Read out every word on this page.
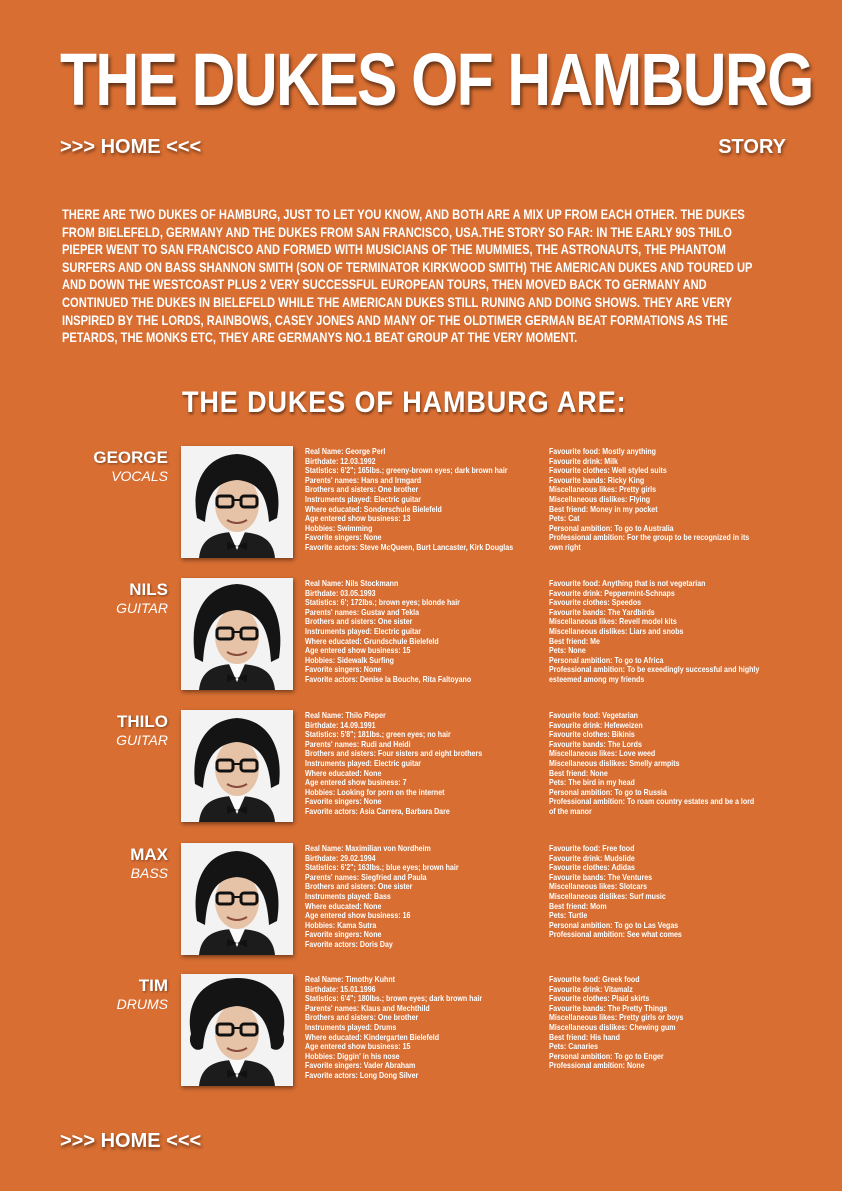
THE DUKES OF HAMBURG
>>> HOME <<<	STORY
THERE ARE TWO DUKES OF HAMBURG, JUST TO LET YOU KNOW, AND BOTH ARE A MIX UP FROM EACH OTHER. THE DUKES FROM BIELEFELD, GERMANY AND THE DUKES FROM SAN FRANCISCO, USA.THE STORY SO FAR: IN THE EARLY 90S THILO PIEPER WENT TO SAN FRANCISCO AND FORMED WITH MUSICIANS OF THE MUMMIES, THE ASTRONAUTS, THE PHANTOM SURFERS AND ON BASS SHANNON SMITH (SON OF TERMINATOR KIRKWOOD SMITH) THE AMERICAN DUKES AND TOURED UP AND DOWN THE WESTCOAST PLUS 2 VERY SUCCESSFUL EUROPEAN TOURS, THEN MOVED BACK TO GERMANY AND CONTINUED THE DUKES IN BIELEFELD WHILE THE AMERICAN DUKES STILL RUNING AND DOING SHOWS. THEY ARE VERY INSPIRED BY THE LORDS, RAINBOWS, CASEY JONES AND MANY OF THE OLDTIMER GERMAN BEAT FORMATIONS AS THE PETARDS, THE MONKS ETC, THEY ARE GERMANYS NO.1 BEAT GROUP AT THE VERY MOMENT.
THE DUKES OF HAMBURG ARE:
GEORGE
VOCALS
Real Name: George Perl
Birthdate: 12.03.1992
Statistics: 6'2"; 165lbs.; greeny-brown eyes; dark brown hair
Parents' names: Hans and Irmgard
Brothers and sisters: One brother
Instruments played: Electric guitar
Where educated: Sonderschule Bielefeld
Age entered show business: 13
Hobbies: Swimming
Favorite singers: None
Favorite actors: Steve McQueen, Burt Lancaster, Kirk Douglas
Favourite food: Mostly anything
Favourite drink: Milk
Favourite clothes: Well styled suits
Favourite bands: Ricky King
Miscellaneous likes: Pretty girls
Miscellaneous dislikes: Flying
Best friend: Money in my pocket
Pets: Cat
Personal ambition: To go to Australia
Professional ambition: For the group to be recognized in its own right
NILS
GUITAR
Real Name: Nils Stockmann
Birthdate: 03.05.1993
Statistics: 6'; 172lbs.; brown eyes; blonde hair
Parents' names: Gustav and Tekla
Brothers and sisters: One sister
Instruments played: Electric guitar
Where educated: Grundschule Bielefeld
Age entered show business: 15
Hobbies: Sidewalk Surfing
Favorite singers: None
Favorite actors: Denise la Bouche, Rita Faltoyano
Favourite food: Anything that is not vegetarian
Favourite drink: Peppermint-Schnaps
Favourite clothes: Speedos
Favourite bands: The Yardbirds
Miscellaneous likes: Revell model kits
Miscellaneous dislikes: Liars and snobs
Best friend: Me
Pets: None
Personal ambition: To go to Africa
Professional ambition: To be exeedingly successful and highly esteemed among my friends
THILO
GUITAR
Real Name: Thilo Pieper
Birthdate: 14.09.1991
Statistics: 5'8"; 181lbs.; green eyes; no hair
Parents' names: Rudi and Heidi
Brothers and sisters: Four sisters and eight brothers
Instruments played: Electric guitar
Where educated: None
Age entered show business: 7
Hobbies: Looking for porn on the internet
Favorite singers: None
Favorite actors: Asia Carrera, Barbara Dare
Favourite food: Vegetarian
Favourite drink: Hefeweizen
Favourite clothes: Bikinis
Favourite bands: The Lords
Miscellaneous likes: Love weed
Miscellaneous dislikes: Smelly armpits
Best friend: None
Pets: The bird in my head
Personal ambition: To go to Russia
Professional ambition: To roam country estates and be a lord of the manor
MAX
BASS
Real Name: Maximilian von Nordheim
Birthdate: 29.02.1994
Statistics: 6'2"; 163lbs.; blue eyes; brown hair
Parents' names: Siegfried and Paula
Brothers and sisters: One sister
Instruments played: Bass
Where educated: None
Age entered show business: 16
Hobbies: Kama Sutra
Favorite singers: None
Favorite actors: Doris Day
Favourite food: Free food
Favourite drink: Mudslide
Favourite clothes: Adidas
Favourite bands: The Ventures
Miscellaneous likes: Slotcars
Miscellaneous dislikes: Surf music
Best friend: Mom
Pets: Turtle
Personal ambition: To go to Las Vegas
Professional ambition: See what comes
TIM
DRUMS
Real Name: Timothy Kuhnt
Birthdate: 15.01.1996
Statistics: 6'4"; 180lbs.; brown eyes; dark brown hair
Parents' names: Klaus and Mechthild
Brothers and sisters: One brother
Instruments played: Drums
Where educated: Kindergarten Bielefeld
Age entered show business: 15
Hobbies: Diggin' in his nose
Favorite singers: Vader Abraham
Favorite actors: Long Dong Silver
Favourite food: Greek food
Favourite drink: Vitamalz
Favourite clothes: Plaid skirts
Favourite bands: The Pretty Things
Miscellaneous likes: Pretty girls or boys
Miscellaneous dislikes: Chewing gum
Best friend: His hand
Pets: Canaries
Personal ambition: To go to Enger
Professional ambition: None
>>> HOME <<<
